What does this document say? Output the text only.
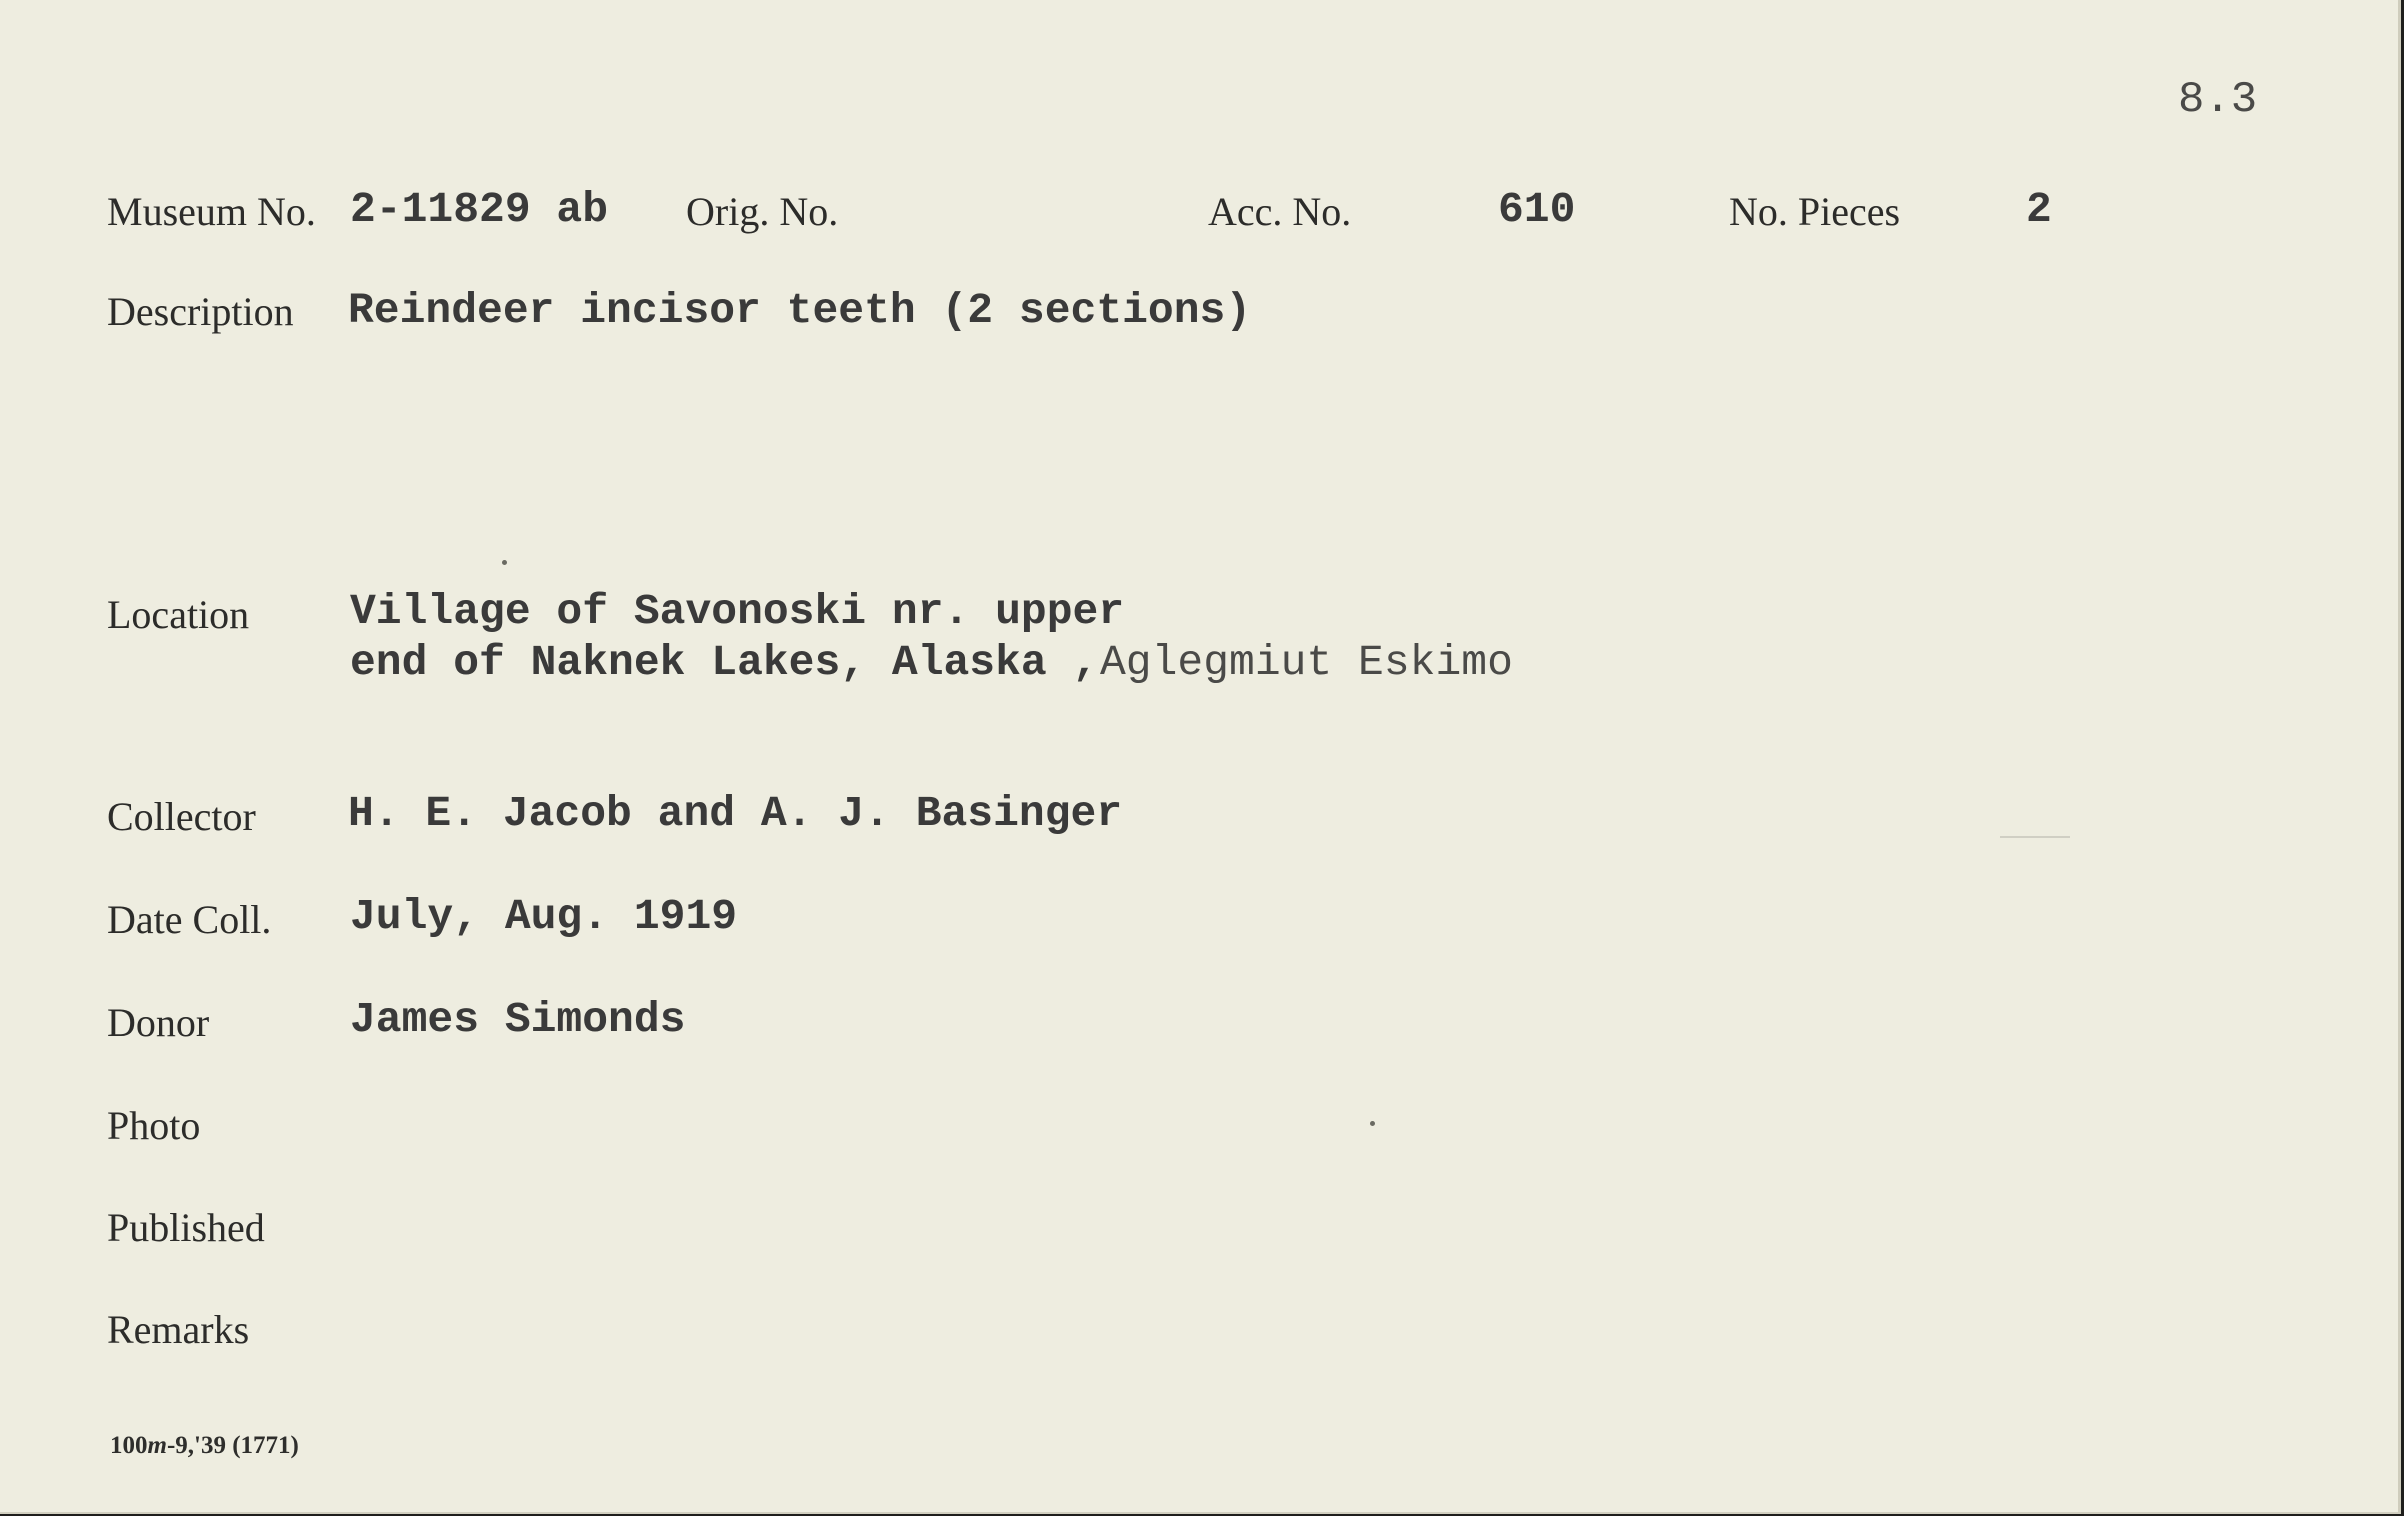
8.3
Museum No. 2-11829 ab Orig. No.	Acc. No.	610	No. Pieces	2
Description Reindeer incisor teeth (2 sections)
Location Village of Savonoski nr. upper
end of Naknek Lakes, Alaska , Aglegmiut Eskimo
Collector H. E. Jacob and A. J. Basinger
Date Coll. July, Aug. 1919
Donor	James Simonds
Photo
Published
Remarks
100m-9,'39 (1771)
